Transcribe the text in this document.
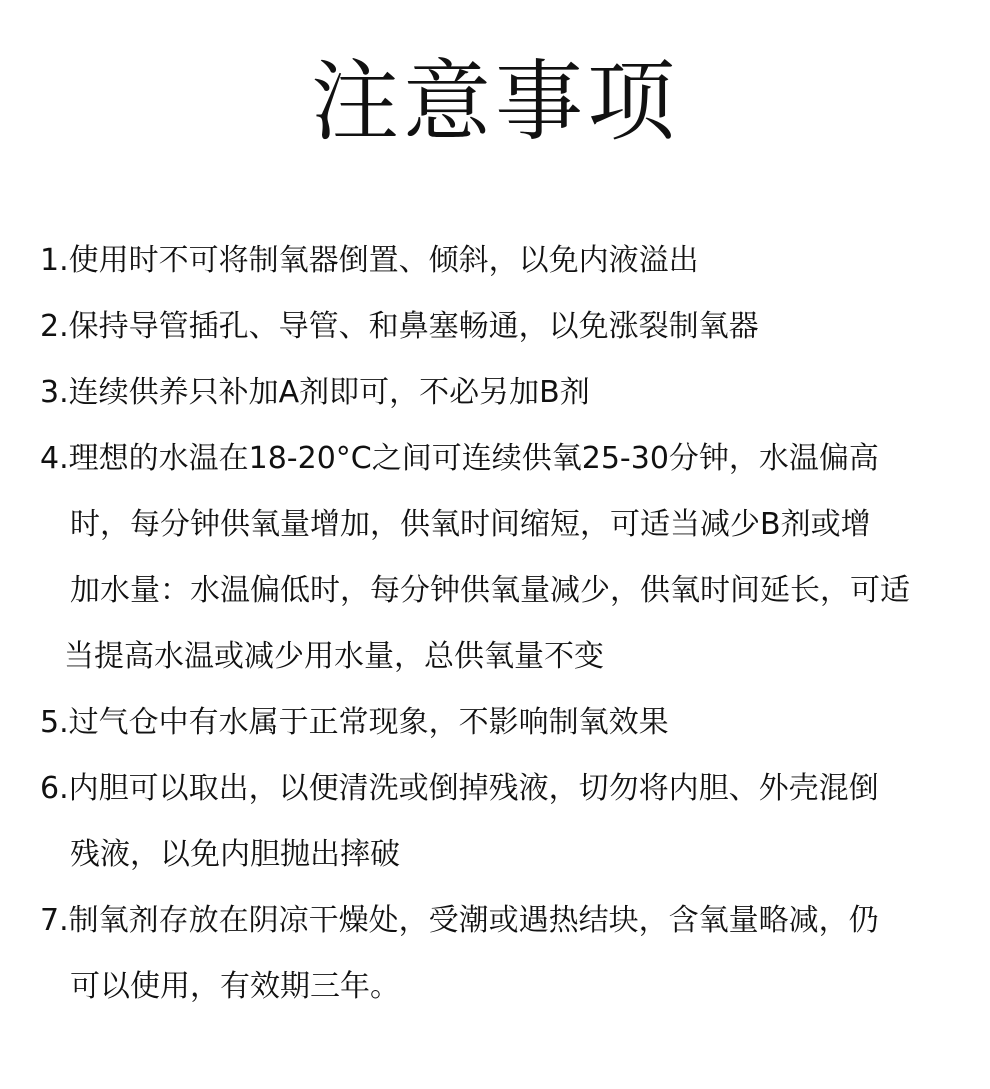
注意事项
1.使用时不可将制氧器倒置、倾斜，以免内液溢出
2.保持导管插孔、导管、和鼻塞畅通，以免涨裂制氧器
3.连续供养只补加A剂即可，不必另加B剂
4.理想的水温在18-20°C之间可连续供氧25-30分钟，水温偏高
时，每分钟供氧量增加，供氧时间缩短，可适当减少B剂或增
加水量：水温偏低时，每分钟供氧量减少，供氧时间延长，可适
当提高水温或减少用水量，总供氧量不变
5.过气仓中有水属于正常现象，不影响制氧效果
6.内胆可以取出，以便清洗或倒掉残液，切勿将内胆、外壳混倒
残液，以免内胆抛出摔破
7.制氧剂存放在阴凉干燥处，受潮或遇热结块，含氧量略减，仍
可以使用，有效期三年。
